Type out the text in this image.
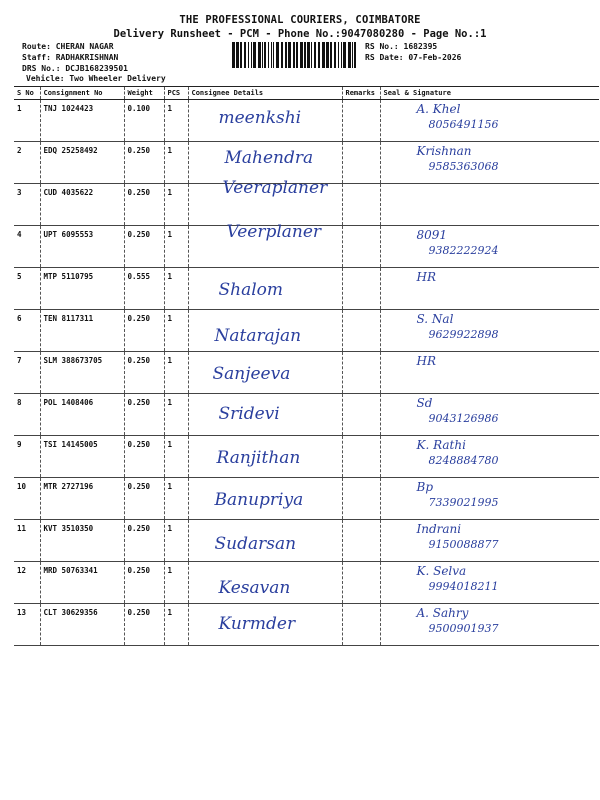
THE PROFESSIONAL COURIERS, COIMBATORE
Delivery Runsheet - PCM - Phone No.:9047080280 - Page No.:1
Route: CHERAN NAGAR
Staff: RADHAKRISHNAN
DRS No.: DCJB168239501
Vehicle: Two Wheeler Delivery
RS No.: 1682395
RS Date: 07-Feb-2026
S No	Consignment No	Weight	PCS	Consignee Details	Remarks	Seal & Signature
1	TNJ 1024423	0.100	1	meenkshi		A. Khel
8056491156

2	EDQ 25258492	0.250	1	Mahendra		Krishnan
9585363068

3	CUD 4035622	0.250	1	Veeraplaner		

4	UPT 6095553	0.250	1	Veerplaner		8091
9382222924

5	MTP 5110795	0.555	1	Shalom		HR

6	TEN 8117311	0.250	1	Natarajan		S. Nal
9629922898

7	SLM 388673705	0.250	1	Sanjeeva		HR

8	POL 1408406	0.250	1	Sridevi		Sd
9043126986

9	TSI 14145005	0.250	1	Ranjithan		K. Rathi
8248884780

10	MTR 2727196	0.250	1	Banupriya		Bp
7339021995

11	KVT 3510350	0.250	1	Sudarsan		Indrani
9150088877

12	MRD 50763341	0.250	1	Kesavan		K. Selva
9994018211

13	CLT 30629356	0.250	1	Kurmder		A. Sahry
9500901937
